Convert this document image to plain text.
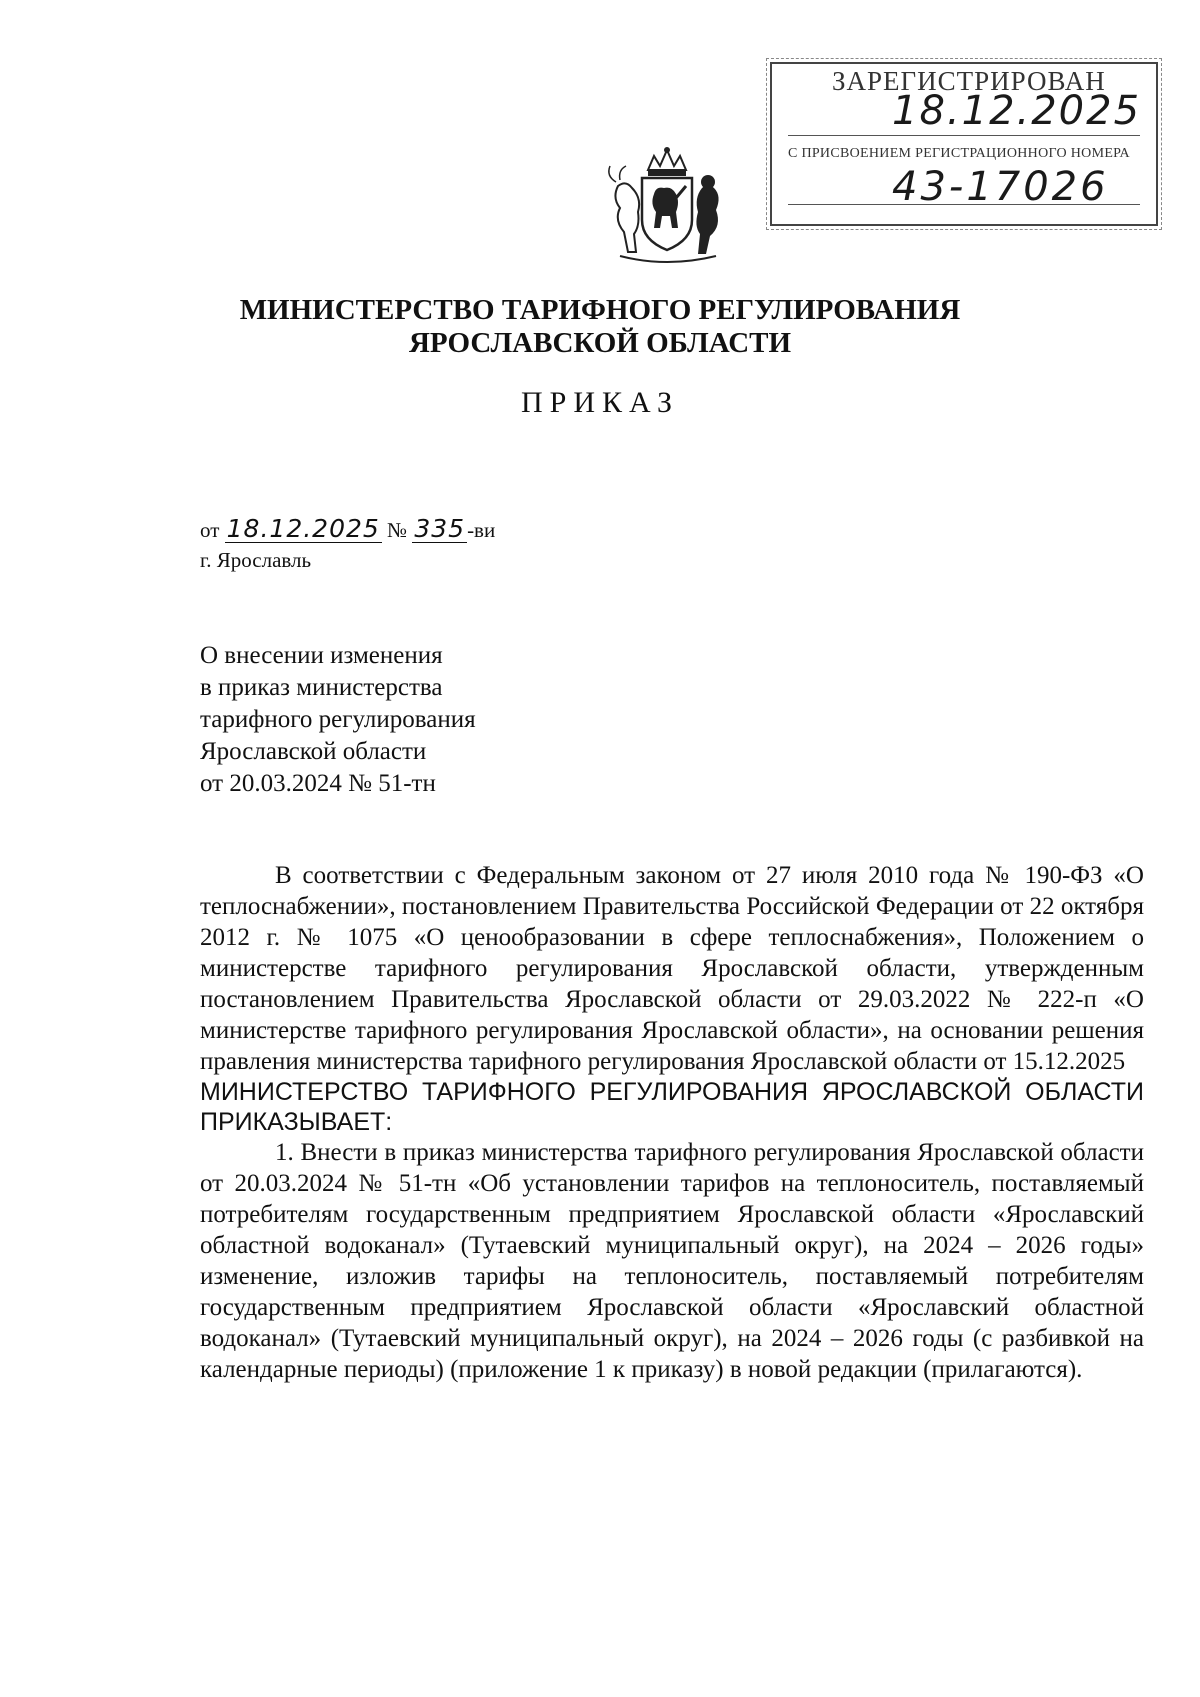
ЗАРЕГИСТРИРОВАН
18.12.2025
С ПРИСВОЕНИЕМ РЕГИСТРАЦИОННОГО НОМЕРА
43-17026
МИНИСТЕРСТВО ТАРИФНОГО РЕГУЛИРОВАНИЯ
ЯРОСЛАВСКОЙ ОБЛАСТИ
ПРИКАЗ
от 18.12.2025 № 335-ви
г. Ярославль
О внесении изменения
в приказ министерства
тарифного регулирования
Ярославской области
от 20.03.2024 № 51-тн

В соответствии с Федеральным законом от 27 июля 2010 года № 190-ФЗ «О теплоснабжении», постановлением Правительства Российской Федерации от 22 октября 2012 г. № 1075 «О ценообразовании в сфере теплоснабжения», Положением о министерстве тарифного регулирования Ярославской области, утвержденным постановлением Правительства Ярославской области от 29.03.2022 № 222-п «О министерстве тарифного регулирования Ярославской области», на основании решения правления министерства тарифного регулирования Ярославской области от 15.12.2025

МИНИСТЕРСТВО ТАРИФНОГО РЕГУЛИРОВАНИЯ ЯРОСЛАВСКОЙ ОБЛАСТИ ПРИКАЗЫВАЕТ:

1. Внести в приказ министерства тарифного регулирования Ярославской области от 20.03.2024 № 51-тн «Об установлении тарифов на теплоноситель, поставляемый потребителям государственным предприятием Ярославской области «Ярославский областной водоканал» (Тутаевский муниципальный округ), на 2024 – 2026 годы» изменение, изложив тарифы на теплоноситель, поставляемый потребителям государственным предприятием Ярославской области «Ярославский областной водоканал» (Тутаевский муниципальный округ), на 2024 – 2026 годы (с разбивкой на календарные периоды) (приложение 1 к приказу) в новой редакции (прилагаются).
